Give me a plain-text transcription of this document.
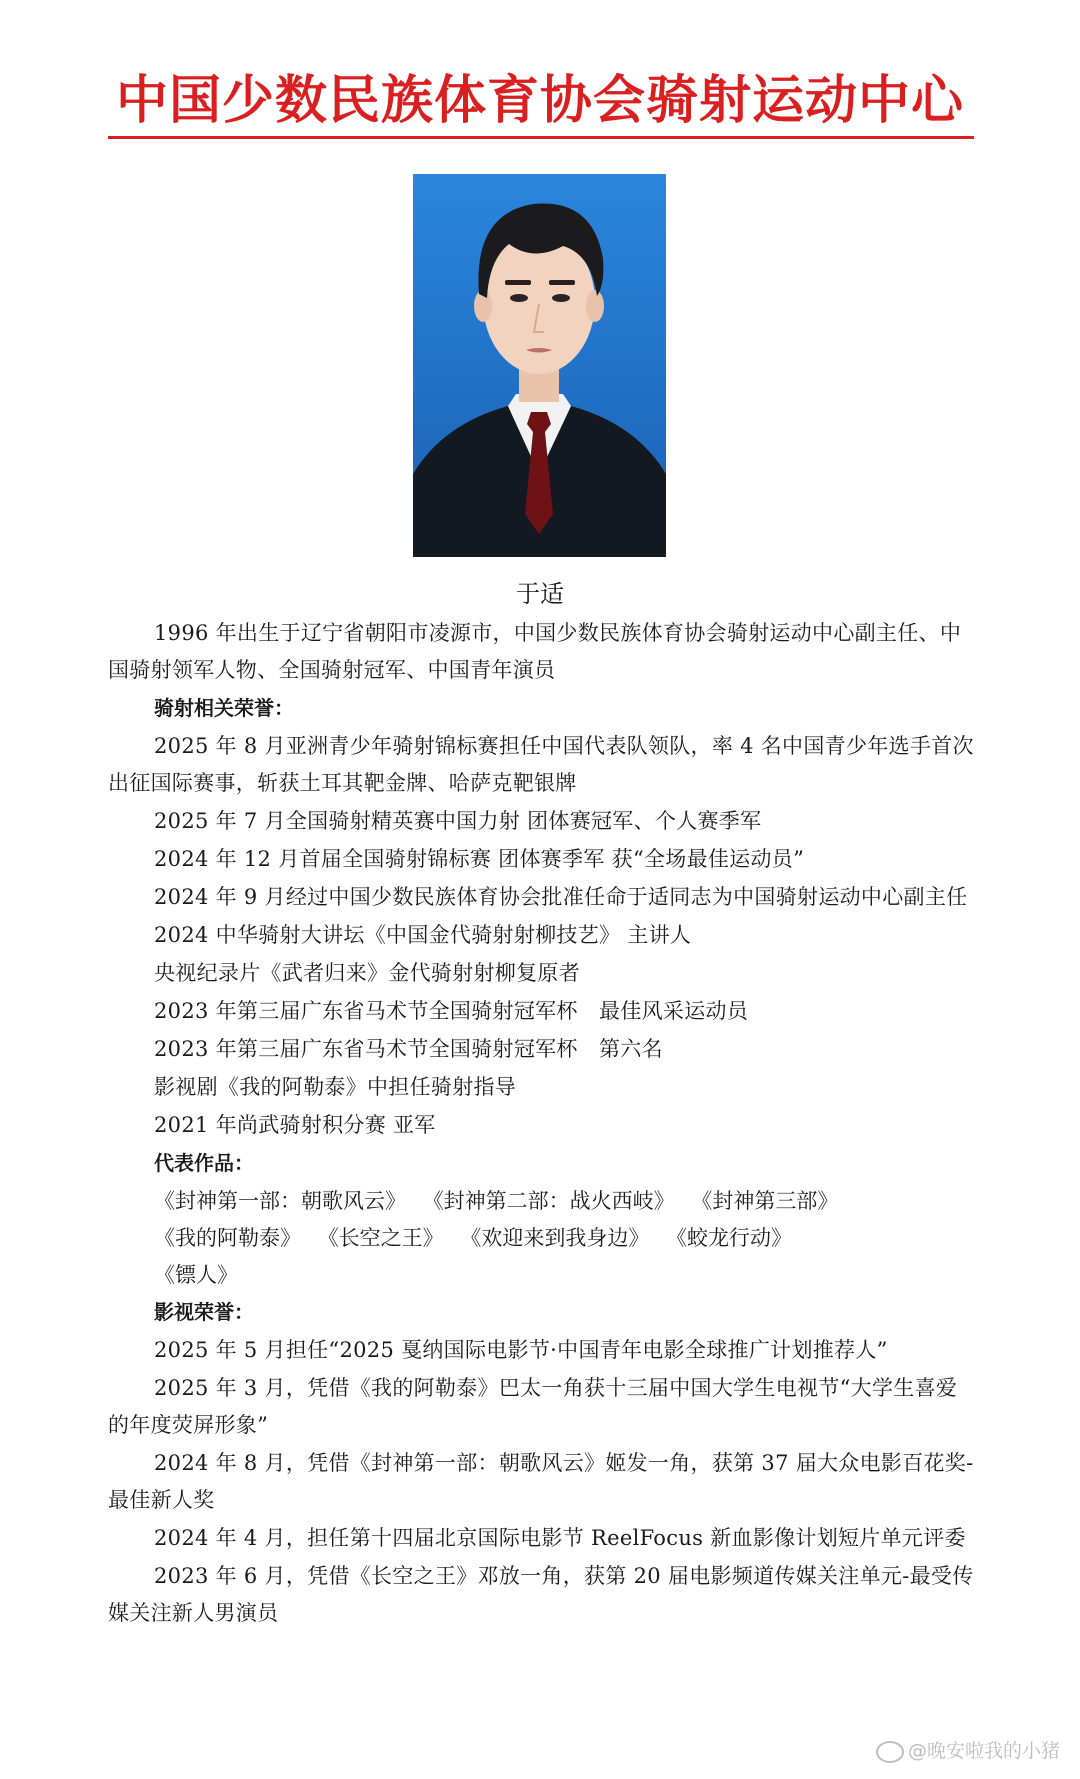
中国少数民族体育协会骑射运动中心
于适

1996 年出生于辽宁省朝阳市凌源市，中国少数民族体育协会骑射运动中心副主任、中国骑射领军人物、全国骑射冠军、中国青年演员

骑射相关荣誉：

2025 年 8 月亚洲青少年骑射锦标赛担任中国代表队领队，率 4 名中国青少年选手首次出征国际赛事，斩获土耳其靶金牌、哈萨克靶银牌

2025 年 7 月全国骑射精英赛中国力射 团体赛冠军、个人赛季军

2024 年 12 月首届全国骑射锦标赛 团体赛季军 获“全场最佳运动员”

2024 年 9 月经过中国少数民族体育协会批准任命于适同志为中国骑射运动中心副主任

2024 中华骑射大讲坛《中国金代骑射射柳技艺》 主讲人

央视纪录片《武者归来》金代骑射射柳复原者

2023 年第三届广东省马术节全国骑射冠军杯　最佳风采运动员

2023 年第三届广东省马术节全国骑射冠军杯　第六名

影视剧《我的阿勒泰》中担任骑射指导

2021 年尚武骑射积分赛 亚军

代表作品：
《封神第一部：朝歌风云》 《封神第二部：战火西岐》 《封神第三部》
《我的阿勒泰》 《长空之王》 《欢迎来到我身边》 《蛟龙行动》
《镖人》
影视荣誉：

2025 年 5 月担任“2025 戛纳国际电影节·中国青年电影全球推广计划推荐人”

2025 年 3 月，凭借《我的阿勒泰》巴太一角获十三届中国大学生电视节“大学生喜爱的年度荧屏形象”

2024 年 8 月，凭借《封神第一部：朝歌风云》姬发一角，获第 37 届大众电影百花奖-最佳新人奖

2024 年 4 月，担任第十四届北京国际电影节 ReelFocus 新血影像计划短片单元评委

2023 年 6 月，凭借《长空之王》邓放一角，获第 20 届电影频道传媒关注单元-最受传媒关注新人男演员

@晚安啦我的小猪
